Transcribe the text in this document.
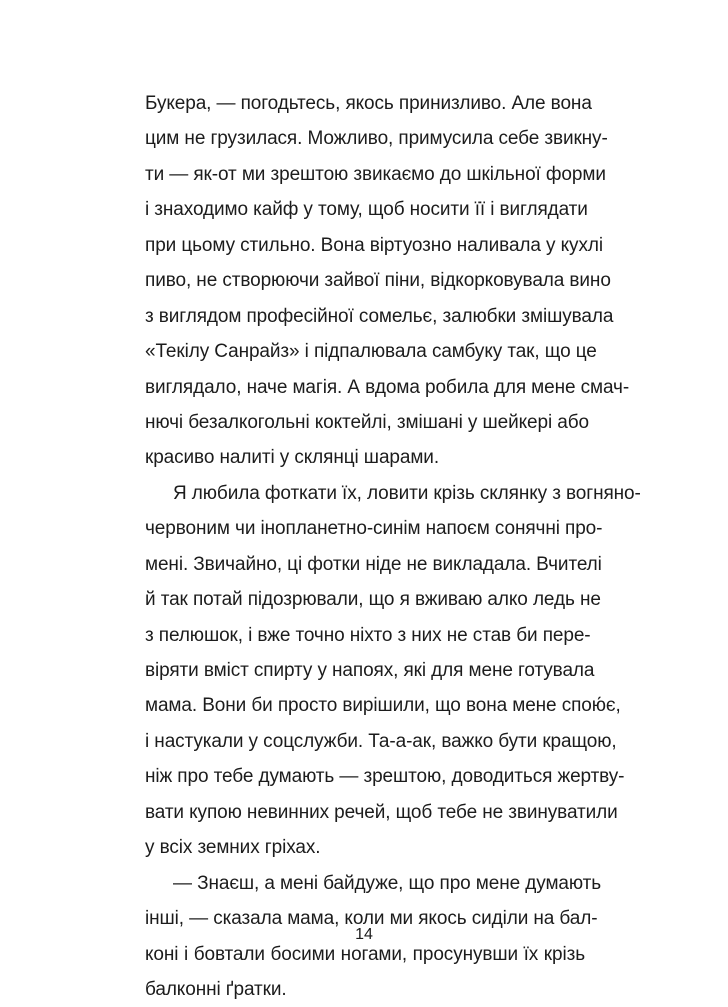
Букера, — погодьтесь, якось принизливо. Але вона
цим не грузилася. Можливо, примусила себе звикну-
ти — як-от ми зрештою звикаємо до шкільної форми
і знаходимо кайф у тому, щоб носити її і виглядати
при цьому стильно. Вона віртуозно наливала у кухлі
пиво, не створюючи зайвої піни, відкорковувала вино
з виглядом професійної сомельє, залюбки змішувала
«Текілу Санрайз» і підпалювала самбуку так, що це
виглядало, наче магія. А вдома робила для мене смач-
нючі безалкогольні коктейлі, змішані у шейкері або
красиво налиті у склянці шарами.
Я любила фоткати їх, ловити крізь склянку з вогняно-
червоним чи інопланетно-синім напоєм сонячні про-
мені. Звичайно, ці фотки ніде не викладала. Вчителі
й так потай підозрювали, що я вживаю алко ледь не
з пелюшок, і вже точно ніхто з них не став би пере-
віряти вміст спирту у напоях, які для мене готувала
мама. Вони би просто вирішили, що вона мене спою́є,
і настукали у соцслужби. Та-а-ак, важко бути кращою,
ніж про тебе думають — зрештою, доводиться жертву-
вати купою невинних речей, щоб тебе не звинуватили
у всіх земних гріхах.
— Знаєш, а мені байдуже, що про мене думають
інші, — сказала мама, коли ми якось сиділи на бал-
коні і бовтали босими ногами, просунувши їх крізь
балконні ґратки.
14
